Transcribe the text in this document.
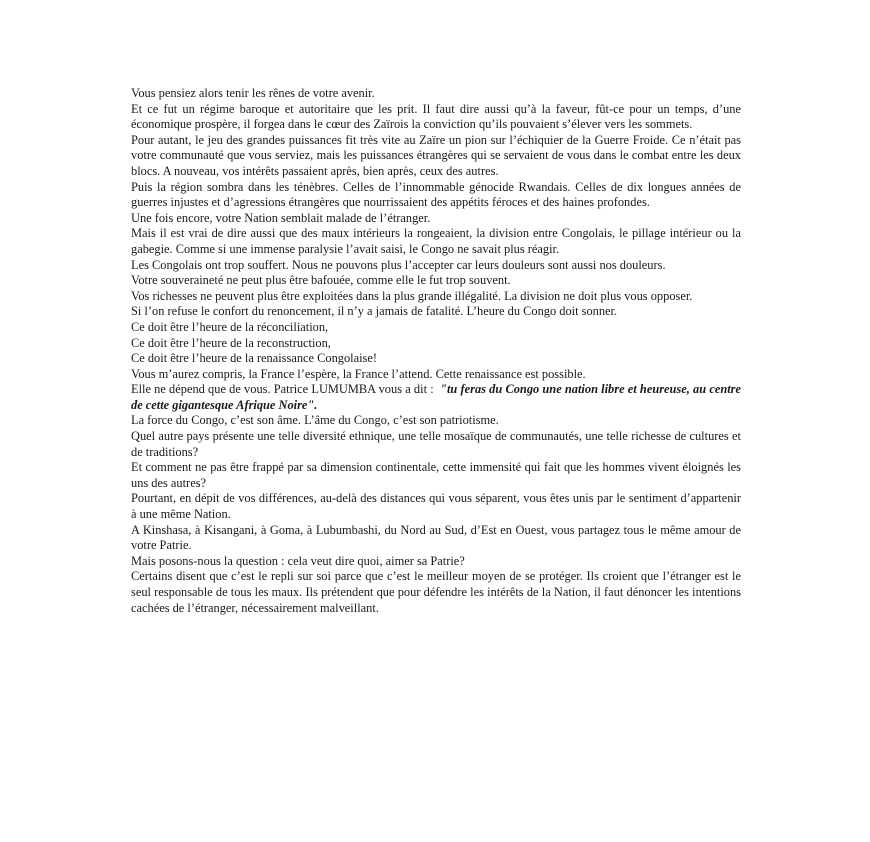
Vous pensiez alors tenir les rênes de votre avenir.

Et ce fut un régime baroque et autoritaire que les prit. Il faut dire aussi qu’à la faveur, fût-ce pour un temps, d’une économique prospère, il forgea dans le cœur des Zaïrois la conviction qu’ils pouvaient s’élever vers les sommets.

Pour autant, le jeu des grandes puissances fit très vite au Zaïre un pion sur l’échiquier de la Guerre Froide. Ce n’était pas votre communauté que vous serviez, mais les puissances étrangères qui se servaient de vous dans le combat entre les deux blocs. A nouveau, vos intérêts passaient après, bien après, ceux des autres.

Puis la région sombra dans les ténèbres. Celles de l’innommable génocide Rwandais. Celles de dix longues années de guerres injustes et d’agressions étrangères que nourrissaient des appétits féroces et des haines profondes.

Une fois encore, votre Nation semblait malade de l’étranger.

Mais il est vrai de dire aussi que des maux intérieurs la rongeaient, la division entre Congolais, le pillage intérieur ou la gabegie. Comme si une immense paralysie l’avait saisi, le Congo ne savait plus réagir.

Les Congolais ont trop souffert. Nous ne pouvons plus l’accepter car leurs douleurs sont aussi nos douleurs.

Votre souveraineté ne peut plus être bafouée, comme elle le fut trop souvent.

Vos richesses ne peuvent plus être exploitées dans la plus grande illégalité. La division ne doit plus vous opposer.

Si l’on refuse le confort du renoncement, il n’y a jamais de fatalité. L’heure du Congo doit sonner.

Ce doit être l’heure de la réconciliation,

Ce doit être l’heure de la reconstruction,

Ce doit être l’heure de la renaissance Congolaise!

Vous m’aurez compris, la France l’espère, la France l’attend. Cette renaissance est possible.

Elle ne dépend que de vous. Patrice LUMUMBA vous a dit : "tu feras du Congo une nation libre et heureuse, au centre de cette gigantesque Afrique Noire".

La force du Congo, c’est son âme. L’âme du Congo, c’est son patriotisme.

Quel autre pays présente une telle diversité ethnique, une telle mosaïque de communautés, une telle richesse de cultures et de traditions?

Et comment ne pas être frappé par sa dimension continentale, cette immensité qui fait que les hommes vivent éloignés les uns des autres?

Pourtant, en dépit de vos différences, au-delà des distances qui vous séparent, vous êtes unis par le sentiment d’appartenir à une même Nation.

A Kinshasa, à Kisangani, à Goma, à Lubumbashi, du Nord au Sud, d’Est en Ouest, vous partagez tous le même amour de votre Patrie.

Mais posons-nous la question : cela veut dire quoi, aimer sa Patrie?

Certains disent que c’est le repli sur soi parce que c’est le meilleur moyen de se protéger. Ils croient que l’étranger est le seul responsable de tous les maux. Ils prétendent que pour défendre les intérêts de la Nation, il faut dénoncer les intentions cachées de l’étranger, nécessairement malveillant.
